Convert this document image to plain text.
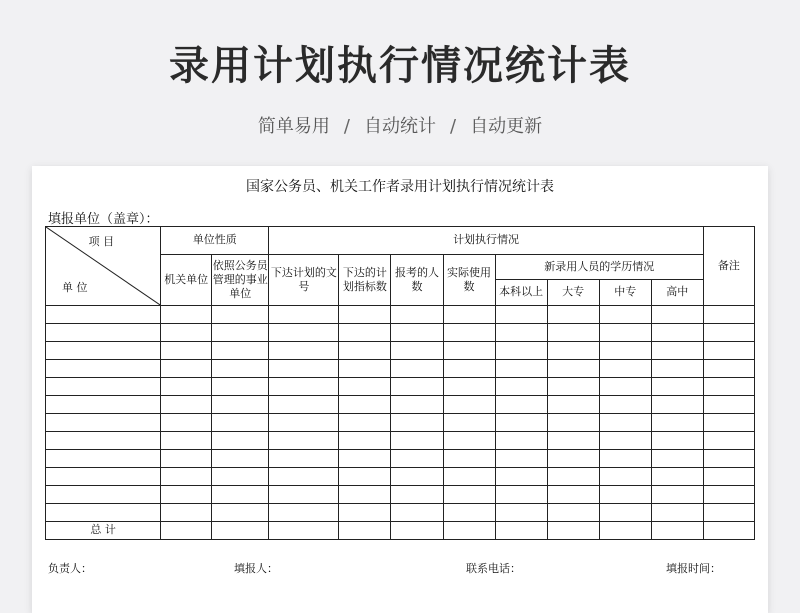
录用计划执行情况统计表
简单易用 / 自动统计 / 自动更新
国家公务员、机关工作者录用计划执行情况统计表
填报单位（盖章）：
项 目
单 位	单位性质		计划执行情况								备注
	机关单位	依照公务员管理的事业单位	下达计划的文号	下达的计划指标数	报考的人数	实际使用数	新录用人员的学历情况				
							本科以上	大专	中专	高中	

总 计											
负责人：	填报人：	联系电话：	填报时间：
